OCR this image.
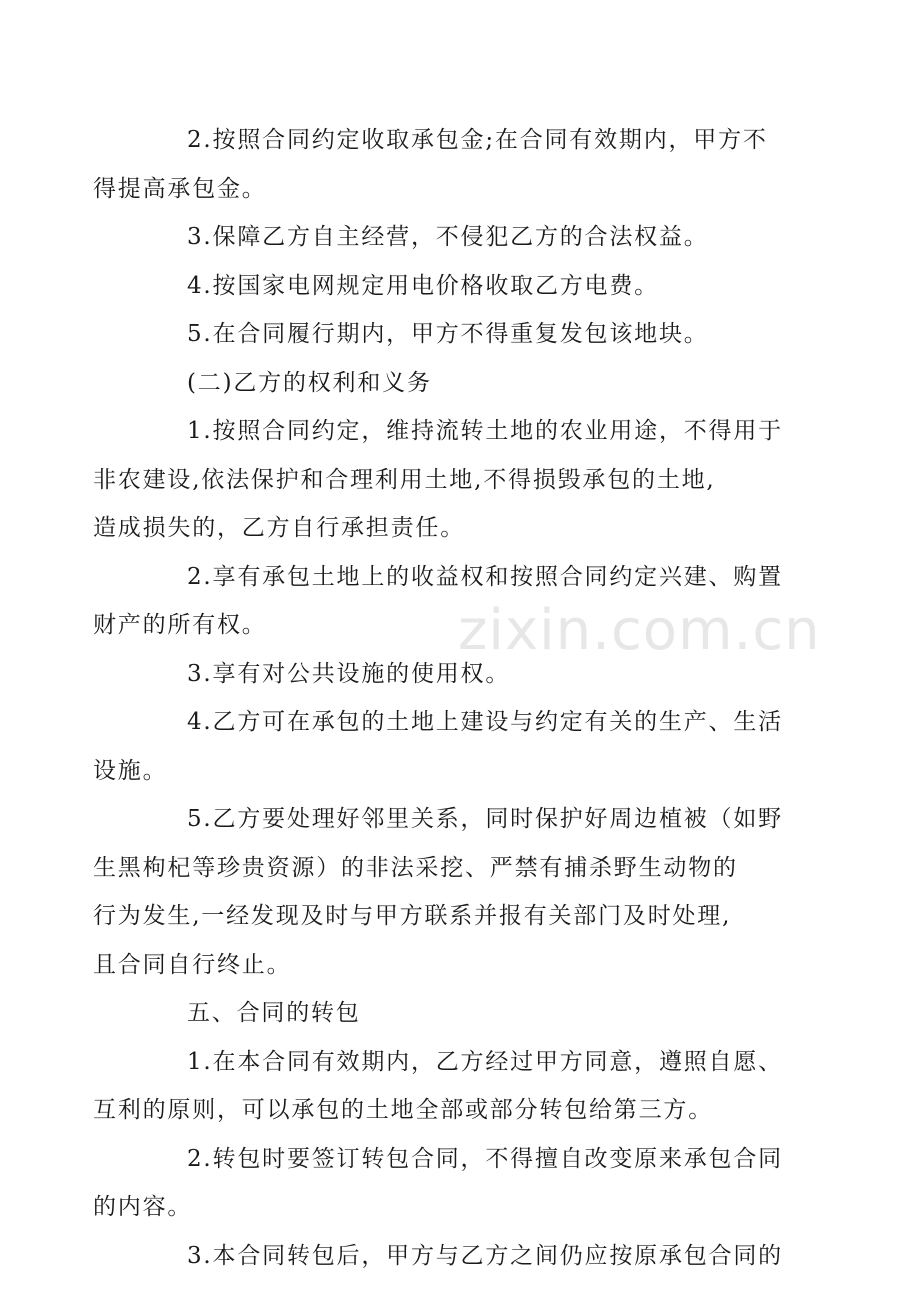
2.按照合同约定收取承包金;在合同有效期内，甲方不
得提高承包金。

3.保障乙方自主经营，不侵犯乙方的合法权益。

4.按国家电网规定用电价格收取乙方电费。

5.在合同履行期内，甲方不得重复发包该地块。

(二)乙方的权利和义务

1.按照合同约定，维持流转土地的农业用途，不得用于
非农建设,依法保护和合理利用土地,不得损毁承包的土地,
造成损失的，乙方自行承担责任。

2.享有承包土地上的收益权和按照合同约定兴建、购置
财产的所有权。

3.享有对公共设施的使用权。

4.乙方可在承包的土地上建设与约定有关的生产、生活
设施。

5.乙方要处理好邻里关系，同时保护好周边植被（如野
生黑枸杞等珍贵资源）的非法采挖、严禁有捕杀野生动物的
行为发生,一经发现及时与甲方联系并报有关部门及时处理,
且合同自行终止。

五、合同的转包

1.在本合同有效期内，乙方经过甲方同意，遵照自愿、
互利的原则，可以承包的土地全部或部分转包给第三方。

2.转包时要签订转包合同，不得擅自改变原来承包合同
的内容。

3.本合同转包后，甲方与乙方之间仍应按原承包合同的

zixin.com.cn
